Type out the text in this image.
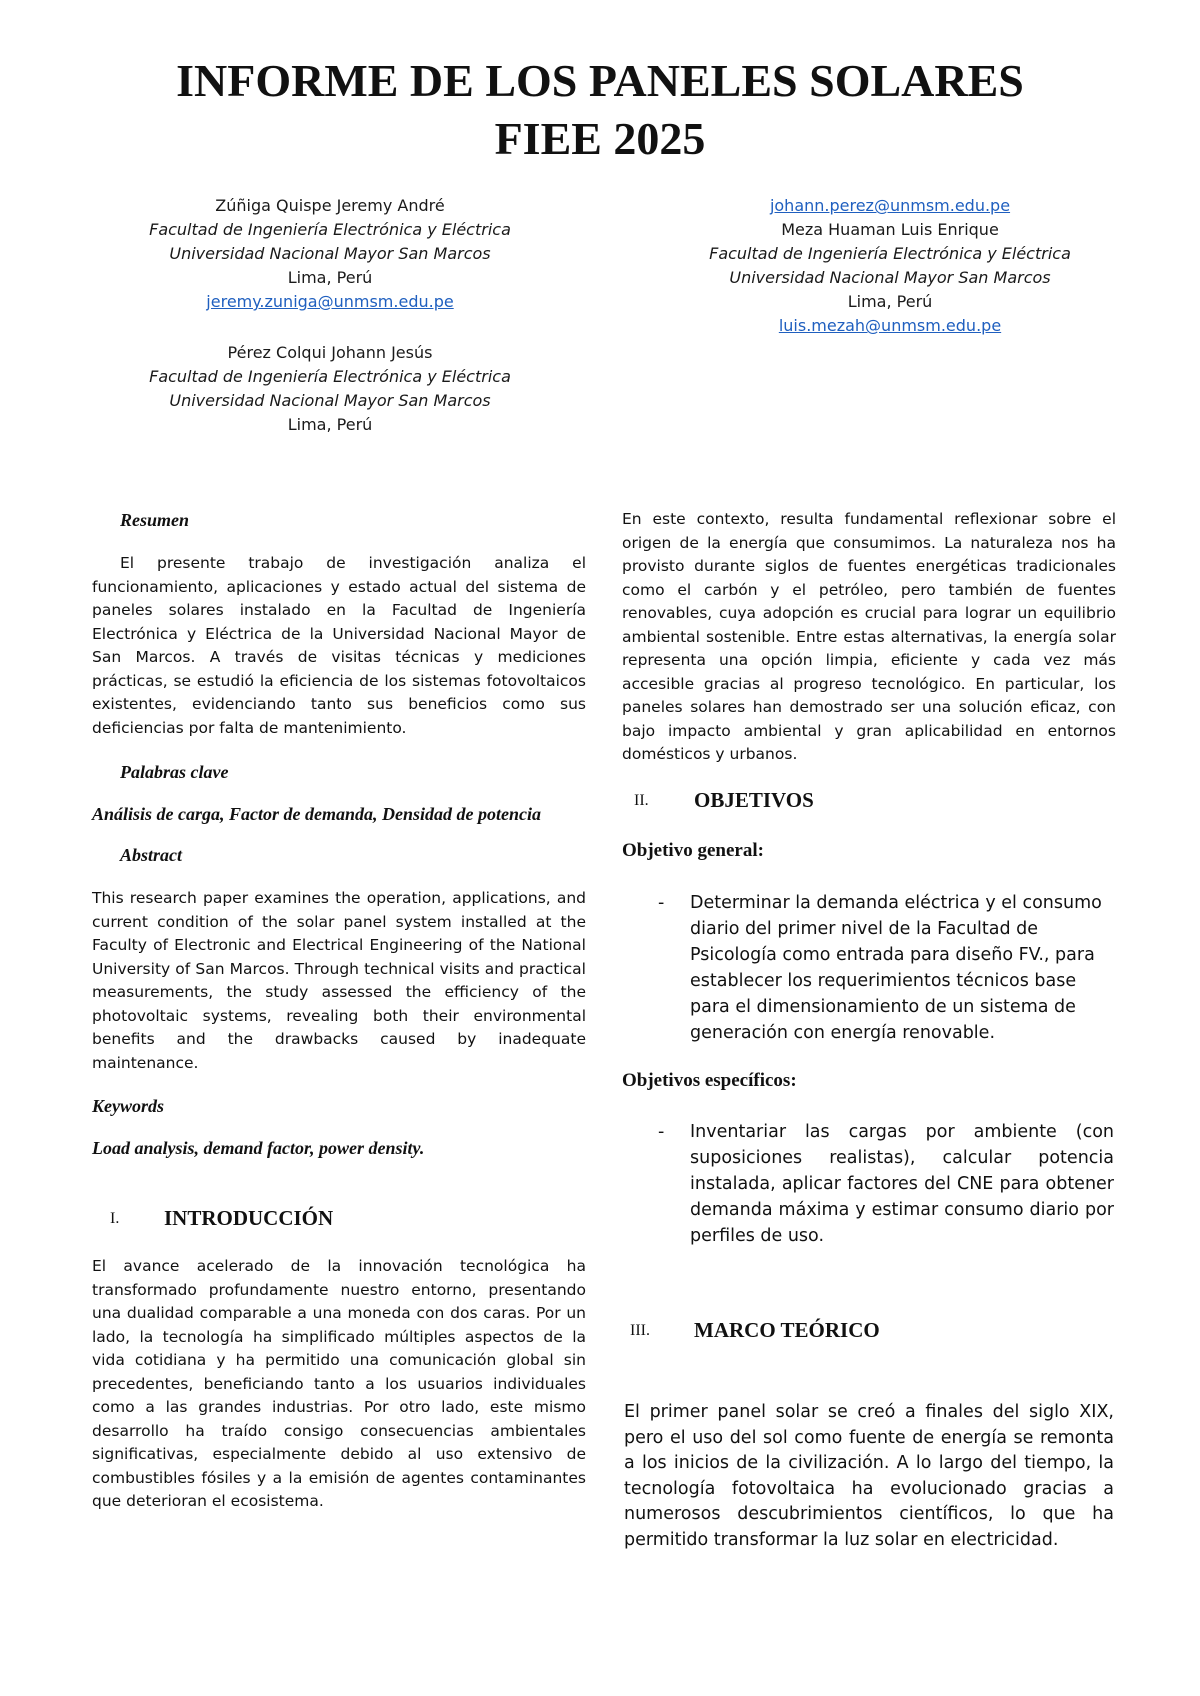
INFORME DE LOS PANELES SOLARES
FIEE 2025
Zúñiga Quispe Jeremy André
Facultad de Ingeniería Electrónica y Eléctrica
Universidad Nacional Mayor San Marcos
Lima, Perú
jeremy.zuniga@unmsm.edu.pe
Pérez Colqui Johann Jesús
Facultad de Ingeniería Electrónica y Eléctrica
Universidad Nacional Mayor San Marcos
Lima, Perú
johann.perez@unmsm.edu.pe
Meza Huaman Luis Enrique
Facultad de Ingeniería Electrónica y Eléctrica
Universidad Nacional Mayor San Marcos
Lima, Perú
luis.mezah@unmsm.edu.pe

Resumen

El presente trabajo de investigación analiza el funcionamiento, aplicaciones y estado actual del sistema de paneles solares instalado en la Facultad de Ingeniería Electrónica y Eléctrica de la Universidad Nacional Mayor de San Marcos. A través de visitas técnicas y mediciones prácticas, se estudió la eficiencia de los sistemas fotovoltaicos existentes, evidenciando tanto sus beneficios como sus deficiencias por falta de mantenimiento.

Palabras clave

Análisis de carga, Factor de demanda, Densidad de potencia

Abstract

This research paper examines the operation, applications, and current condition of the solar panel system installed at the Faculty of Electronic and Electrical Engineering of the National University of San Marcos. Through technical visits and practical measurements, the study assessed the efficiency of the photovoltaic systems, revealing both their environmental benefits and the drawbacks caused by inadequate maintenance.

Keywords

Load analysis, demand factor, power density.

I. INTRODUCCIÓN

El avance acelerado de la innovación tecnológica ha transformado profundamente nuestro entorno, presentando una dualidad comparable a una moneda con dos caras. Por un lado, la tecnología ha simplificado múltiples aspectos de la vida cotidiana y ha permitido una comunicación global sin precedentes, beneficiando tanto a los usuarios individuales como a las grandes industrias. Por otro lado, este mismo desarrollo ha traído consigo consecuencias ambientales significativas, especialmente debido al uso extensivo de combustibles fósiles y a la emisión de agentes contaminantes que deterioran el ecosistema.

En este contexto, resulta fundamental reflexionar sobre el origen de la energía que consumimos. La naturaleza nos ha provisto durante siglos de fuentes energéticas tradicionales como el carbón y el petróleo, pero también de fuentes renovables, cuya adopción es crucial para lograr un equilibrio ambiental sostenible. Entre estas alternativas, la energía solar representa una opción limpia, eficiente y cada vez más accesible gracias al progreso tecnológico. En particular, los paneles solares han demostrado ser una solución eficaz, con bajo impacto ambiental y gran aplicabilidad en entornos domésticos y urbanos.

II. OBJETIVOS

Objetivo general:

- Determinar la demanda eléctrica y el consumo diario del primer nivel de la Facultad de Psicología como entrada para diseño FV., para establecer los requerimientos técnicos base para el dimensionamiento de un sistema de generación con energía renovable.

Objetivos específicos:

- Inventariar las cargas por ambiente (con suposiciones realistas), calcular potencia instalada, aplicar factores del CNE para obtener demanda máxima y estimar consumo diario por perfiles de uso.
III. MARCO TEÓRICO

El primer panel solar se creó a finales del siglo XIX, pero el uso del sol como fuente de energía se remonta a los inicios de la civilización. A lo largo del tiempo, la tecnología fotovoltaica ha evolucionado gracias a numerosos descubrimientos científicos, lo que ha permitido transformar la luz solar en electricidad.
